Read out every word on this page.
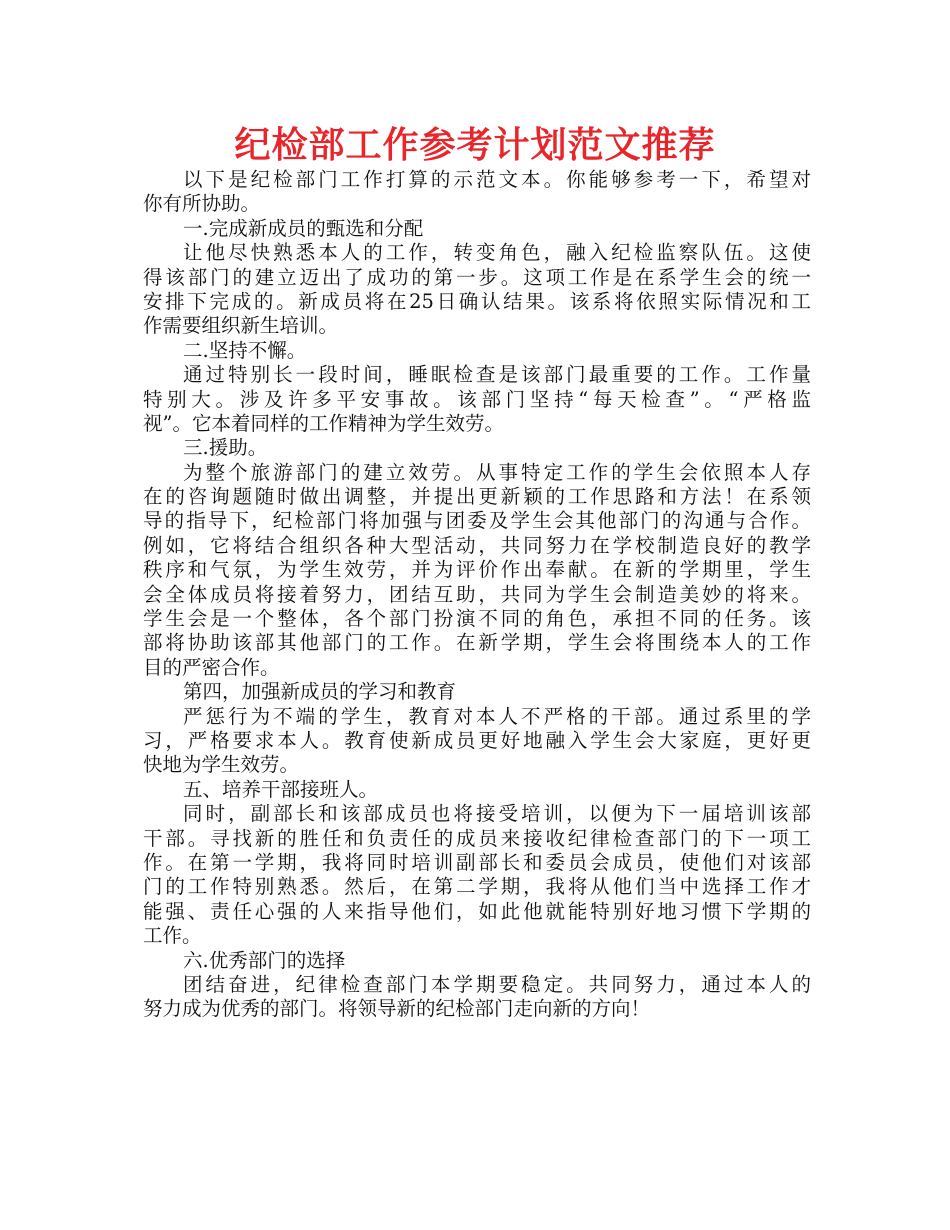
纪检部工作参考计划范文推荐
以下是纪检部门工作打算的示范文本。你能够参考一下，希望对
你有所协助。
一.完成新成员的甄选和分配
让他尽快熟悉本人的工作，转变角色，融入纪检监察队伍。这使
得该部门的建立迈出了成功的第一步。这项工作是在系学生会的统一
安排下完成的。新成员将在25日确认结果。该系将依照实际情况和工
作需要组织新生培训。
二.坚持不懈。
通过特别长一段时间，睡眠检查是该部门最重要的工作。工作量
特别大。涉及许多平安事故。该部门坚持“每天检查”。“严格监
视”。它本着同样的工作精神为学生效劳。
三.援助。
为整个旅游部门的建立效劳。从事特定工作的学生会依照本人存
在的咨询题随时做出调整，并提出更新颖的工作思路和方法！在系领
导的指导下，纪检部门将加强与团委及学生会其他部门的沟通与合作。
例如，它将结合组织各种大型活动，共同努力在学校制造良好的教学
秩序和气氛，为学生效劳，并为评价作出奉献。在新的学期里，学生
会全体成员将接着努力，团结互助，共同为学生会制造美妙的将来。
学生会是一个整体，各个部门扮演不同的角色，承担不同的任务。该
部将协助该部其他部门的工作。在新学期，学生会将围绕本人的工作
目的严密合作。
第四，加强新成员的学习和教育
严惩行为不端的学生，教育对本人不严格的干部。通过系里的学
习，严格要求本人。教育使新成员更好地融入学生会大家庭，更好更
快地为学生效劳。
五、培养干部接班人。
同时，副部长和该部成员也将接受培训，以便为下一届培训该部
干部。寻找新的胜任和负责任的成员来接收纪律检查部门的下一项工
作。在第一学期，我将同时培训副部长和委员会成员，使他们对该部
门的工作特别熟悉。然后，在第二学期，我将从他们当中选择工作才
能强、责任心强的人来指导他们，如此他就能特别好地习惯下学期的
工作。
六.优秀部门的选择
团结奋进，纪律检查部门本学期要稳定。共同努力，通过本人的
努力成为优秀的部门。将领导新的纪检部门走向新的方向！
